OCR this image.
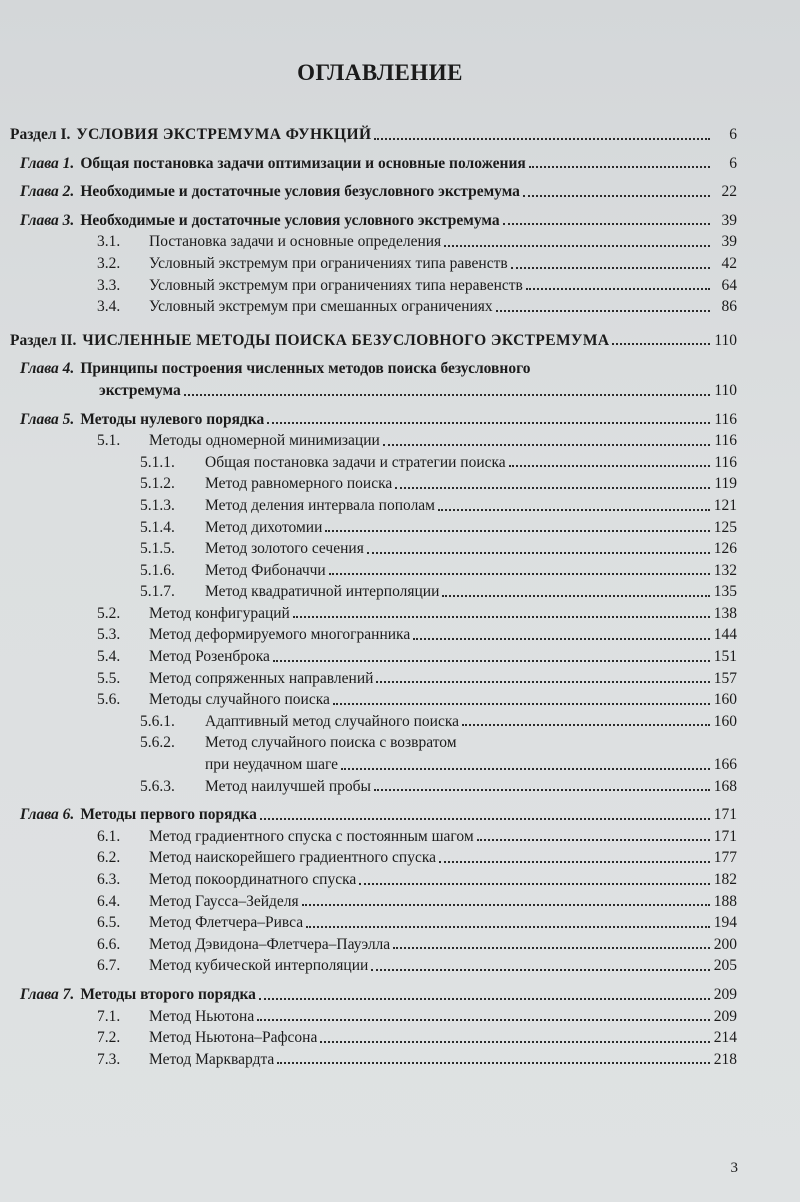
ОГЛАВЛЕНИЕ
Раздел I. УСЛОВИЯ ЭКСТРЕМУМА ФУНКЦИЙ	6
Глава 1. Общая постановка задачи оптимизации и основные положения	6
Глава 2. Необходимые и достаточные условия безусловного экстремума	22
Глава 3. Необходимые и достаточные условия условного экстремума	39
3.1.	Постановка задачи и основные определения	39
3.2.	Условный экстремум при ограничениях типа равенств	42
3.3.	Условный экстремум при ограничениях типа неравенств	64
3.4.	Условный экстремум при смешанных ограничениях	86
Раздел II. ЧИСЛЕННЫЕ МЕТОДЫ ПОИСКА БЕЗУСЛОВНОГО ЭКСТРЕМУМА	110
Глава 4. Принципы построения численных методов поиска безусловного
экстремума	110
Глава 5. Методы нулевого порядка	116
5.1.	Методы одномерной минимизации	116
5.1.1.	Общая постановка задачи и стратегии поиска	116
5.1.2.	Метод равномерного поиска	119
5.1.3.	Метод деления интервала пополам	121
5.1.4.	Метод дихотомии	125
5.1.5.	Метод золотого сечения	126
5.1.6.	Метод Фибоначчи	132
5.1.7.	Метод квадратичной интерполяции	135
5.2.	Метод конфигураций	138
5.3.	Метод деформируемого многогранника	144
5.4.	Метод Розенброка	151
5.5.	Метод сопряженных направлений	157
5.6.	Методы случайного поиска	160
5.6.1.	Адаптивный метод случайного поиска	160
5.6.2.	Метод случайного поиска с возвратом
при неудачном шаге	166
5.6.3.	Метод наилучшей пробы	168
Глава 6. Методы первого порядка	171
6.1.	Метод градиентного спуска с постоянным шагом	171
6.2.	Метод наискорейшего градиентного спуска	177
6.3.	Метод покоординатного спуска	182
6.4.	Метод Гаусса–Зейделя	188
6.5.	Метод Флетчера–Ривса	194
6.6.	Метод Дэвидона–Флетчера–Пауэлла	200
6.7.	Метод кубической интерполяции	205
Глава 7. Методы второго порядка	209
7.1.	Метод Ньютона	209
7.2.	Метод Ньютона–Рафсона	214
7.3.	Метод Марквардта	218
3
